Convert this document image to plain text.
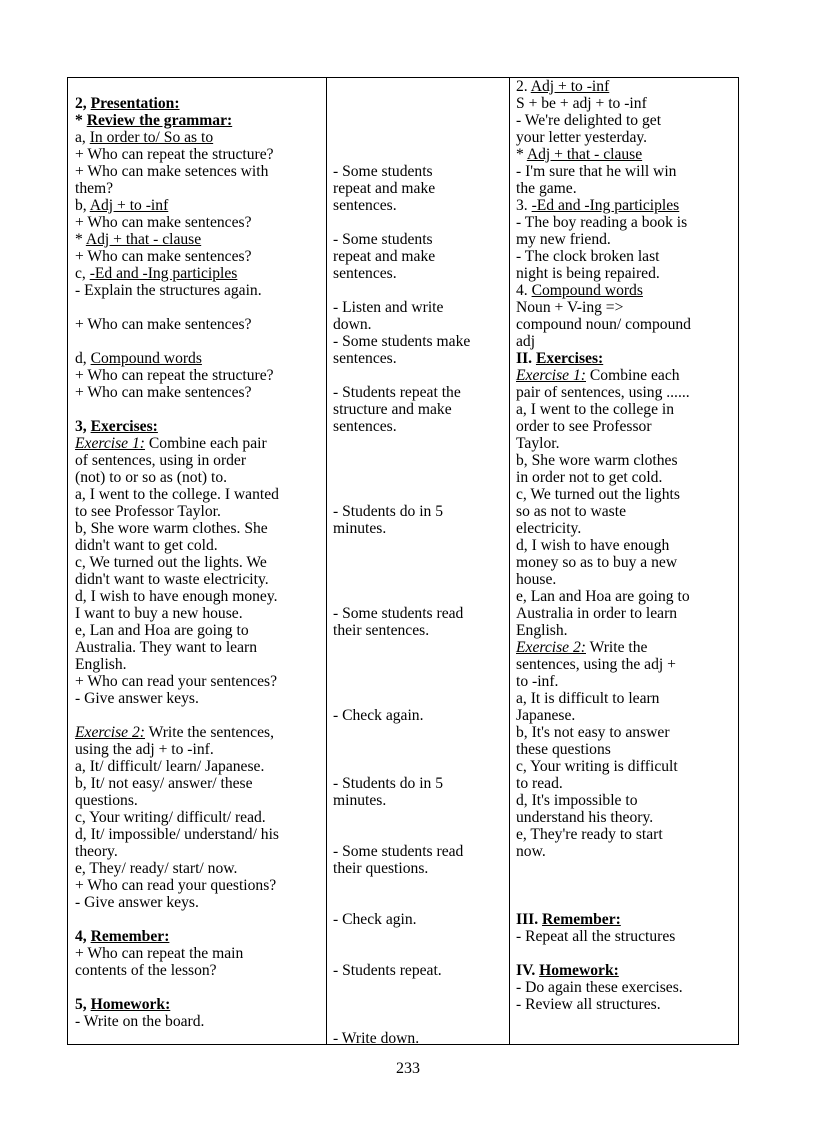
2, Presentation:
* Review the grammar:
a, In order to/ So as to
+ Who can repeat the structure?
+ Who can make setences with
them?
b, Adj + to -inf
+ Who can make sentences?
* Adj + that - clause
+ Who can make sentences?
c, -Ed and -Ing participles
- Explain the structures again.
+ Who can make sentences?
d, Compound words
+ Who can repeat the structure?
+ Who can make sentences?
3, Exercises:
Exercise 1: Combine each pair
of sentences, using in order
(not) to or so as (not) to.
a, I went to the college. I wanted
to see Professor Taylor.
b, She wore warm clothes. She
didn't want to get cold.
c, We turned out the lights. We
didn't want to waste electricity.
d, I wish to have enough money.
I want to buy a new house.
e, Lan and Hoa are going to
Australia. They want to learn
English.
+ Who can read your sentences?
- Give answer keys.
Exercise 2: Write the sentences,
using the adj + to -inf.
a, It/ difficult/ learn/ Japanese.
b, It/ not easy/ answer/ these
questions.
c, Your writing/ difficult/ read.
d, It/ impossible/ understand/ his
theory.
e, They/ ready/ start/ now.
+ Who can read your questions?
- Give answer keys.
4, Remember:
+ Who can repeat the main
contents of the lesson?
5, Homework:
- Write on the board.
- Some students
repeat and make
sentences.
- Some students
repeat and make
sentences.
- Listen and write
down.
- Some students make
sentences.
- Students repeat the
structure and make
sentences.
- Students do in 5
minutes.
- Some students read
their sentences.
- Check again.
- Students do in 5
minutes.
- Some students read
their questions.
- Check agin.
- Students repeat.
- Write down.
2. Adj + to -inf
S + be + adj + to -inf
- We're delighted to get
your letter yesterday.
* Adj + that - clause
- I'm sure that he will win
the game.
3. -Ed and -Ing participles
- The boy reading a book is
my new friend.
- The clock broken last
night is being repaired.
4. Compound words
Noun + V-ing =>
compound noun/ compound
adj
II. Exercises:
Exercise 1: Combine each
pair of sentences, using ......
a, I went to the college in
order to see Professor
Taylor.
b, She wore warm clothes
in order not to get cold.
c, We turned out the lights
so as not to waste
electricity.
d, I wish to have enough
money so as to buy a new
house.
e, Lan and Hoa are going to
Australia in order to learn
English.
Exercise 2: Write the
sentences, using the adj +
to -inf.
a, It is difficult to learn
Japanese.
b, It's not easy to answer
these questions
c, Your writing is difficult
to read.
d, It's impossible to
understand his theory.
e, They're ready to start
now.
III. Remember:
- Repeat all the structures
IV. Homework:
- Do again these exercises.
- Review all structures.
233
